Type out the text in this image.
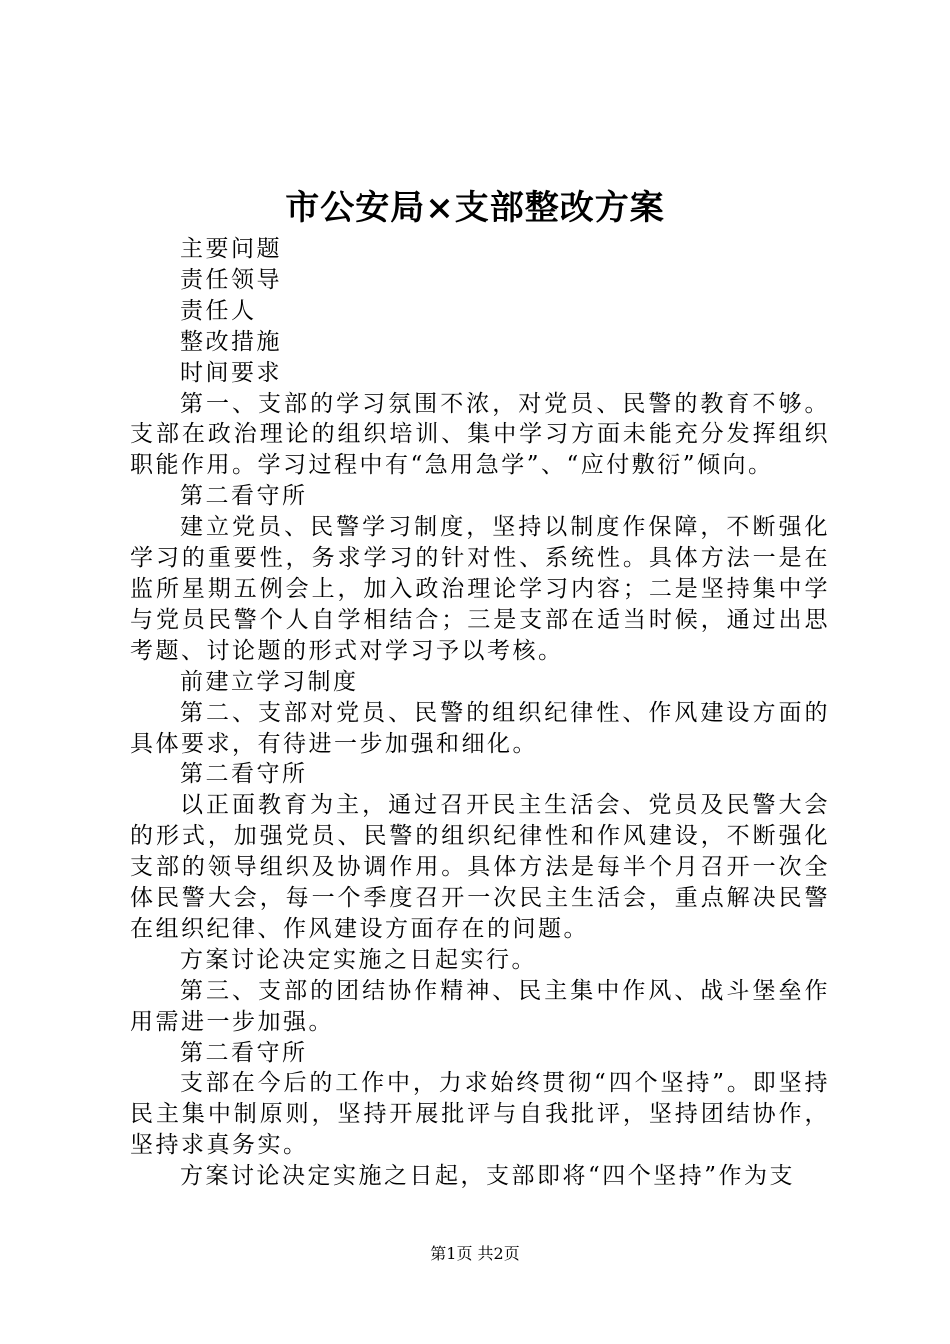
市公安局×支部整改方案

主要问题

责任领导

责任人

整改措施

时间要求

第一、支部的学习氛围不浓，对党员、民警的教育不够。支部在政治理论的组织培训、集中学习方面未能充分发挥组织职能作用。学习过程中有“急用急学”、“应付敷衍”倾向。

第二看守所

建立党员、民警学习制度，坚持以制度作保障，不断强化学习的重要性，务求学习的针对性、系统性。具体方法一是在监所星期五例会上，加入政治理论学习内容；二是坚持集中学与党员民警个人自学相结合；三是支部在适当时候，通过出思考题、讨论题的形式对学习予以考核。

前建立学习制度

第二、支部对党员、民警的组织纪律性、作风建设方面的具体要求，有待进一步加强和细化。

第二看守所

以正面教育为主，通过召开民主生活会、党员及民警大会的形式，加强党员、民警的组织纪律性和作风建设，不断强化支部的领导组织及协调作用。具体方法是每半个月召开一次全体民警大会，每一个季度召开一次民主生活会，重点解决民警在组织纪律、作风建设方面存在的问题。

方案讨论决定实施之日起实行。

第三、支部的团结协作精神、民主集中作风、战斗堡垒作用需进一步加强。

第二看守所

支部在今后的工作中，力求始终贯彻“四个坚持”。即坚持民主集中制原则，坚持开展批评与自我批评，坚持团结协作，坚持求真务实。

方案讨论决定实施之日起，支部即将“四个坚持”作为支

第1页 共2页
